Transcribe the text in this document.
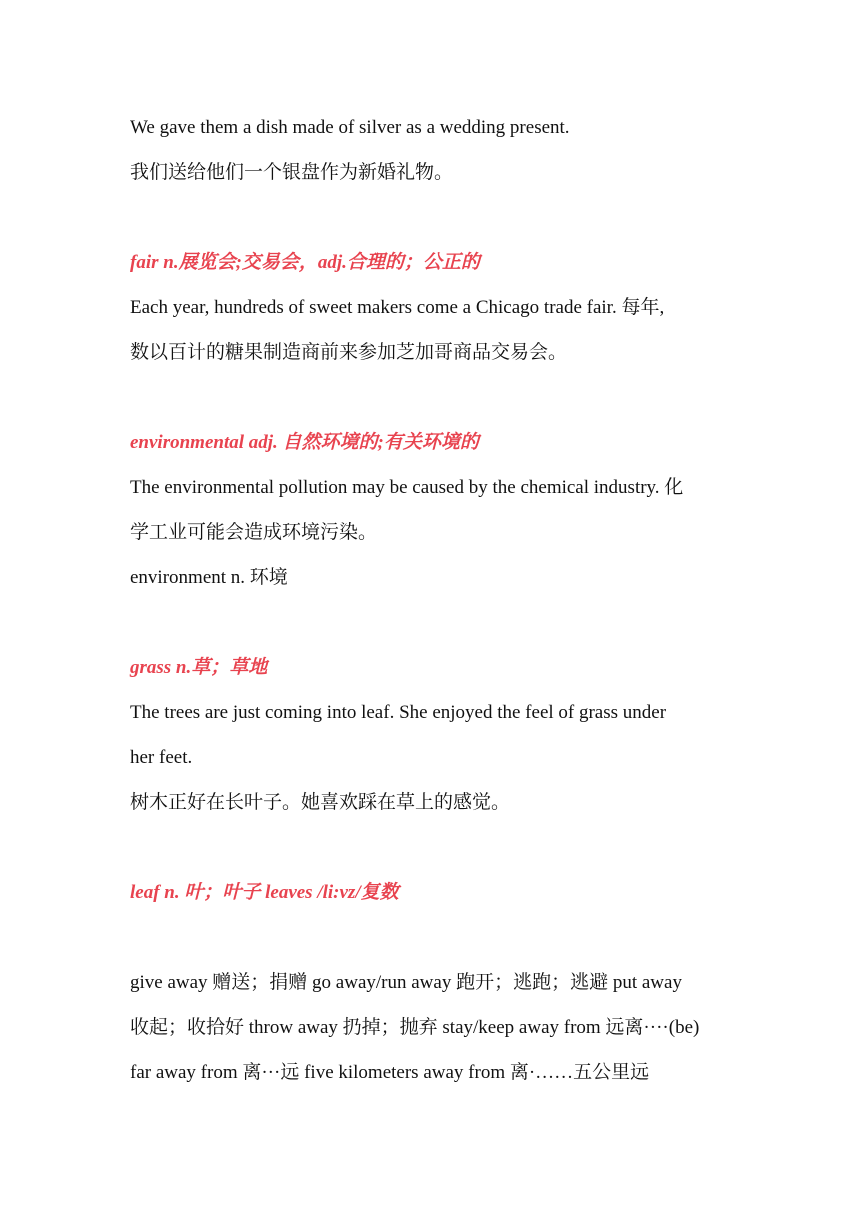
We gave them a dish made of silver as a wedding present.
我们送给他们一个银盘作为新婚礼物。
fair n.展览会;交易会，adj.合理的；公正的
Each year, hundreds of sweet makers come a Chicago trade fair. 每年,
数以百计的糖果制造商前来参加芝加哥商品交易会。
environmental adj. 自然环境的;有关环境的
The environmental pollution may be caused by the chemical industry. 化
学工业可能会造成环境污染。
environment n. 环境
grass n.草；草地
The trees are just coming into leaf. She enjoyed the feel of grass under
her feet.
树木正好在长叶子。她喜欢踩在草上的感觉。
leaf n. 叶；叶子 leaves /li:vz/复数
give away 赠送；捐赠 go away/run away 跑开；逃跑；逃避 put away
收起；收拾好 throw away 扔掉；抛弃 stay/keep away from 远离····(be)
far away from 离···远 five kilometers away from 离·……五公里远
